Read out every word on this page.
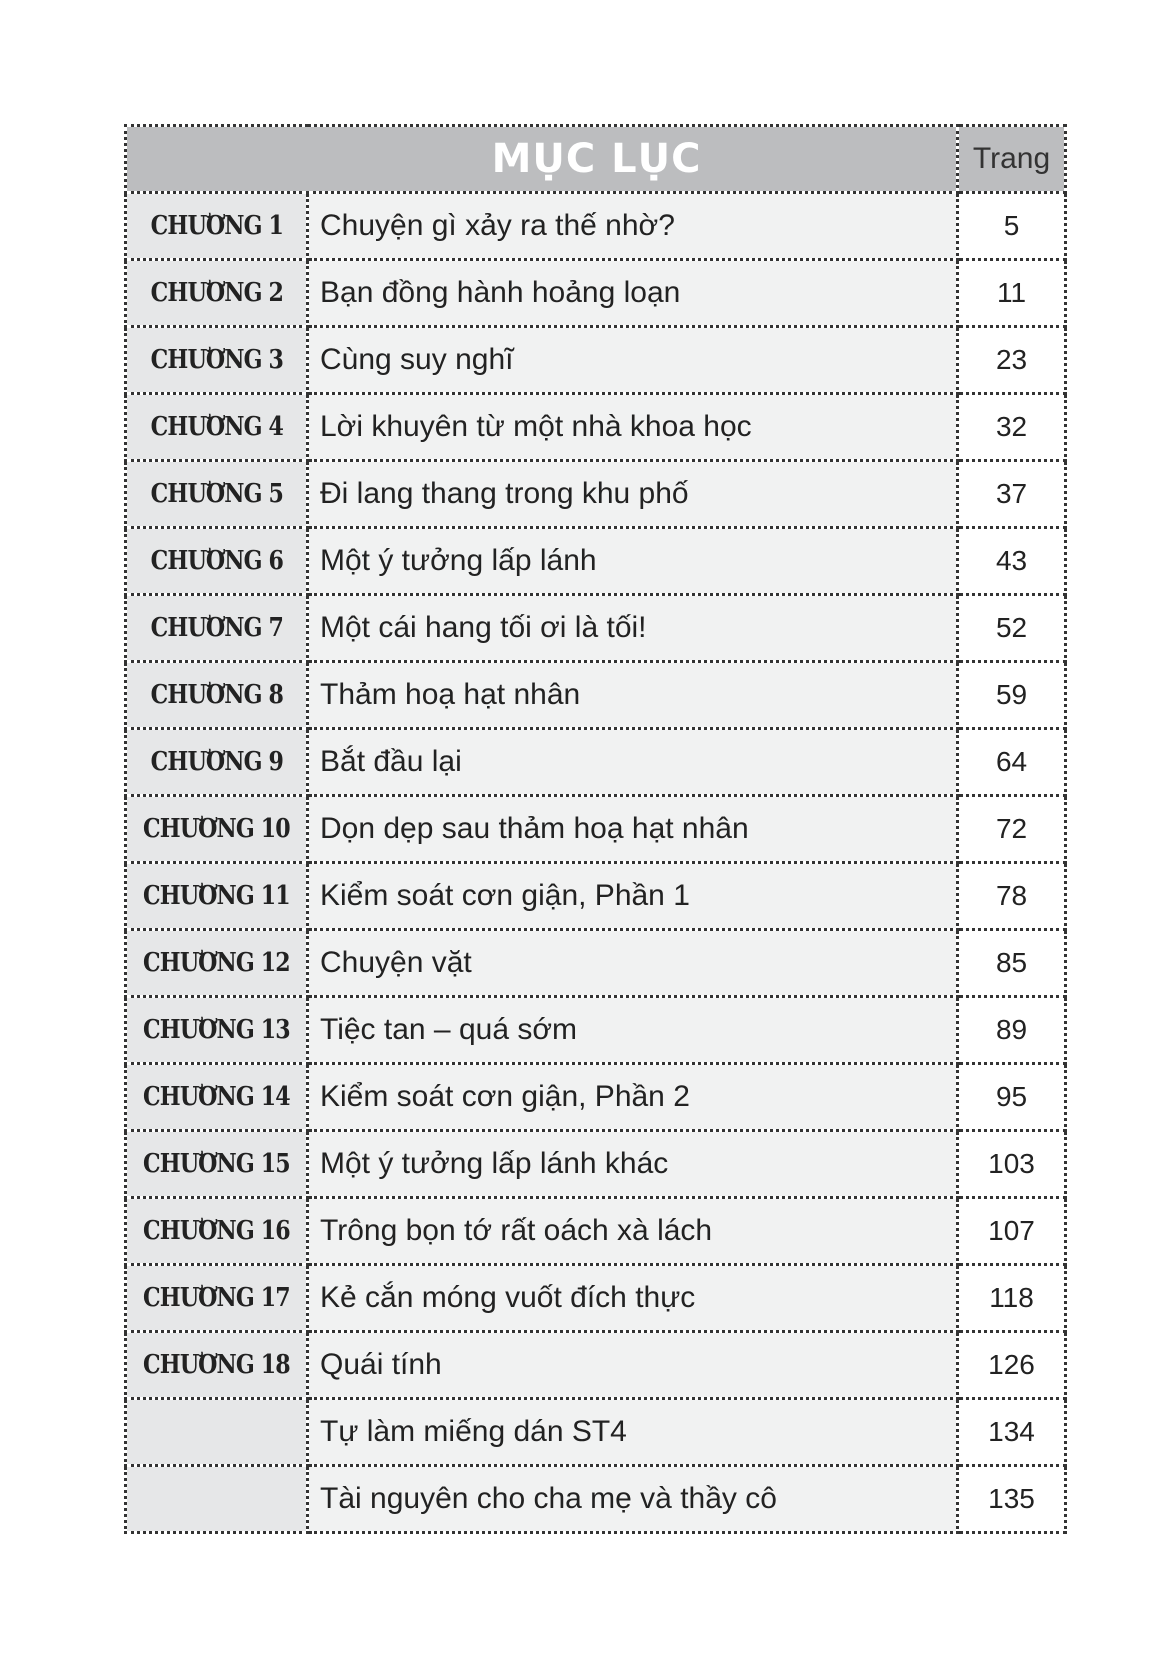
MỤC LỤC		Trang
CHƯƠNG 1	Chuyện gì xảy ra thế nhờ?	5
CHƯƠNG 2	Bạn đồng hành hoảng loạn	11
CHƯƠNG 3	Cùng suy nghĩ	23
CHƯƠNG 4	Lời khuyên từ một nhà khoa học	32
CHƯƠNG 5	Đi lang thang trong khu phố	37
CHƯƠNG 6	Một ý tưởng lấp lánh	43
CHƯƠNG 7	Một cái hang tối ơi là tối!	52
CHƯƠNG 8	Thảm hoạ hạt nhân	59
CHƯƠNG 9	Bắt đầu lại	64
CHƯƠNG 10	Dọn dẹp sau thảm hoạ hạt nhân	72
CHƯƠNG 11	Kiểm soát cơn giận, Phần 1	78
CHƯƠNG 12	Chuyện vặt	85
CHƯƠNG 13	Tiệc tan – quá sớm	89
CHƯƠNG 14	Kiểm soát cơn giận, Phần 2	95
CHƯƠNG 15	Một ý tưởng lấp lánh khác	103
CHƯƠNG 16	Trông bọn tớ rất oách xà lách	107
CHƯƠNG 17	Kẻ cắn móng vuốt đích thực	118
CHƯƠNG 18	Quái tính	126
	Tự làm miếng dán ST4	134
	Tài nguyên cho cha mẹ và thầy cô	135
